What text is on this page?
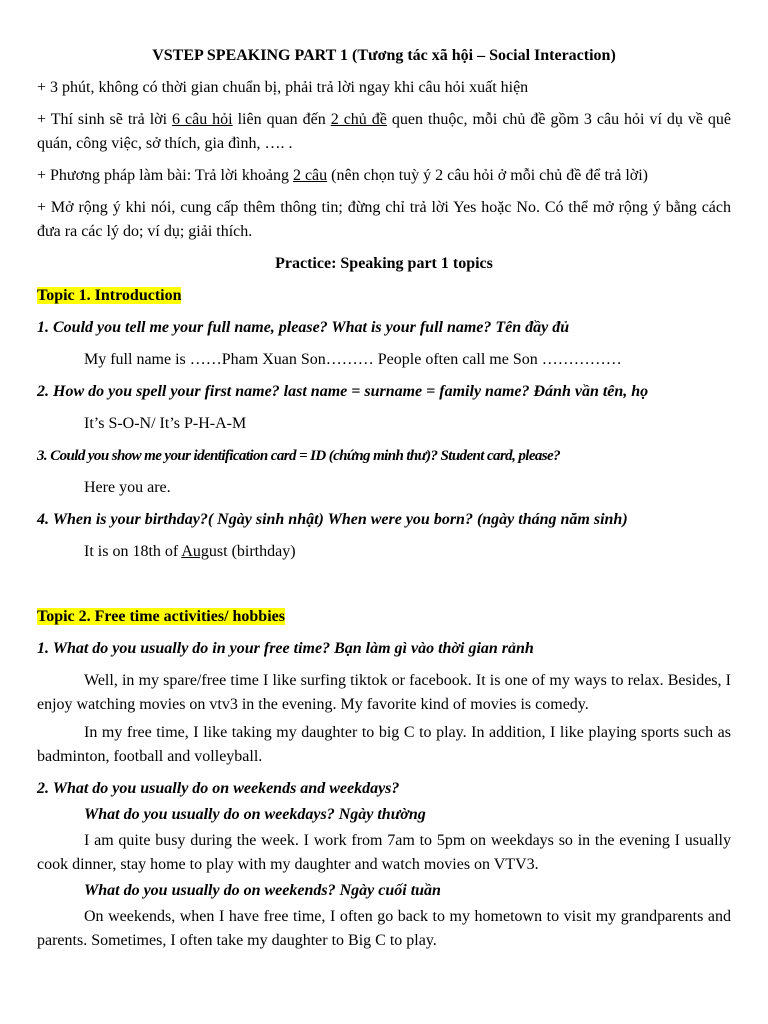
VSTEP SPEAKING PART 1 (Tương tác xã hội – Social Interaction)

+ 3 phút, không có thời gian chuẩn bị, phải trả lời ngay khi câu hỏi xuất hiện

+ Thí sinh sẽ trả lời 6 câu hỏi liên quan đến 2 chủ đề quen thuộc, mỗi chủ đề gồm 3 câu hỏi ví dụ về quê quán, công việc, sở thích, gia đình, …. .

+ Phương pháp làm bài: Trả lời khoảng 2 câu (nên chọn tuỳ ý 2 câu hỏi ở mỗi chủ đề để trả lời)

+ Mở rộng ý khi nói, cung cấp thêm thông tin; đừng chỉ trả lời Yes hoặc No. Có thể mở rộng ý bằng cách đưa ra các lý do; ví dụ; giải thích.

Practice: Speaking part 1 topics

Topic 1. Introduction

1. Could you tell me your full name, please? What is your full name? Tên đầy đủ

My full name is ……Pham Xuan Son……… People often call me Son ……………

2. How do you spell your first name? last name = surname = family name? Đánh vần tên, họ

It’s S-O-N/ It’s P-H-A-M

3. Could you show me your identification card = ID (chứng minh thư)? Student card, please?

Here you are.

4. When is your birthday?( Ngày sinh nhật) When were you born? (ngày tháng năm sinh)

It is on 18th of August (birthday)

Topic 2. Free time activities/ hobbies

1. What do you usually do in your free time? Bạn làm gì vào thời gian rảnh

Well, in my spare/free time I like surfing tiktok or facebook. It is one of my ways to relax. Besides, I enjoy watching movies on vtv3 in the evening. My favorite kind of movies is comedy.

In my free time, I like taking my daughter to big C to play. In addition, I like playing sports such as badminton, football and volleyball.

2. What do you usually do on weekends and weekdays?

What do you usually do on weekdays? Ngày thường

I am quite busy during the week. I work from 7am to 5pm on weekdays so in the evening I usually cook dinner, stay home to play with my daughter and watch movies on VTV3.

What do you usually do on weekends? Ngày cuối tuần

On weekends, when I have free time, I often go back to my hometown to visit my grandparents and parents. Sometimes, I often take my daughter to Big C to play.
